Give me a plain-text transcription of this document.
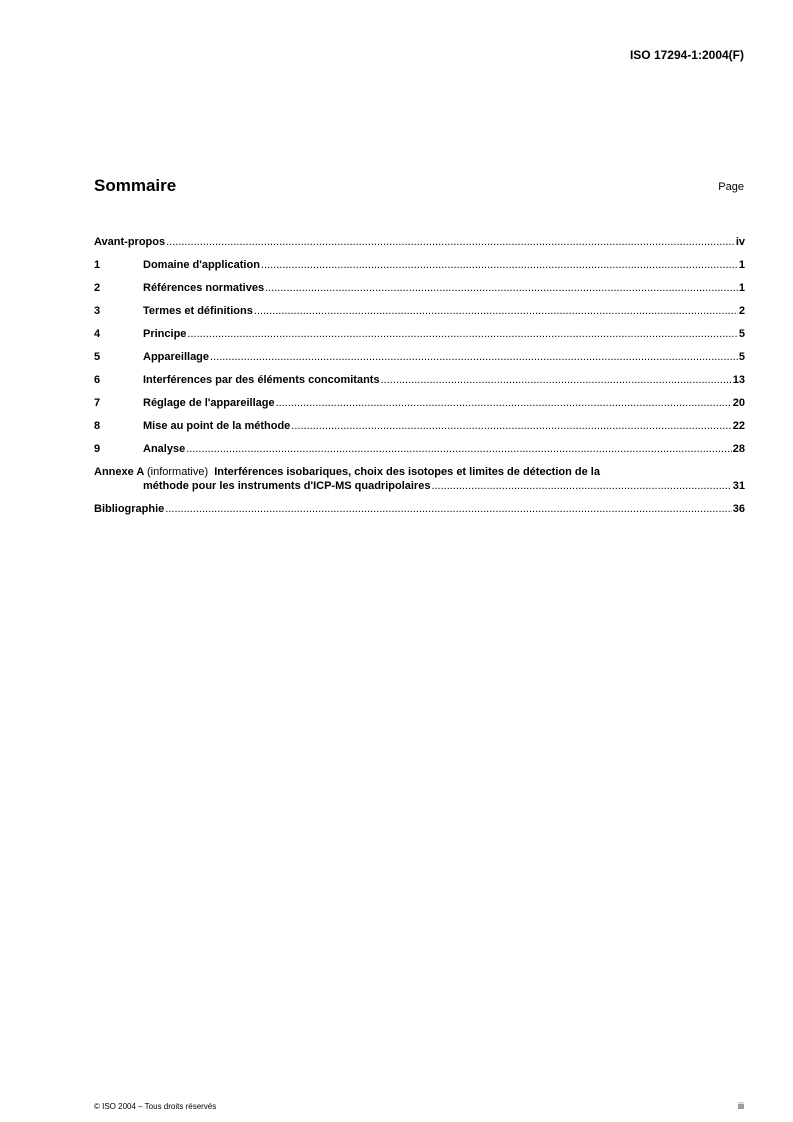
ISO 17294-1:2004(F)
Sommaire	Page
Avant-propos .....	iv
1	Domaine d'application .....	1
2	Références normatives .....	1
3	Termes et définitions .....	2
4	Principe .....	5
5	Appareillage .....	5
6	Interférences par des éléments concomitants .....	13
7	Réglage de l'appareillage .....	20
8	Mise au point de la méthode .....	22
9	Analyse .....	28
Annexe A (informative) Interférences isobariques, choix des isotopes et limites de détection de la
méthode pour les instruments d'ICP-MS quadripolaires .....	31
Bibliographie .....	36
© ISO 2004 – Tous droits réservés	iii
